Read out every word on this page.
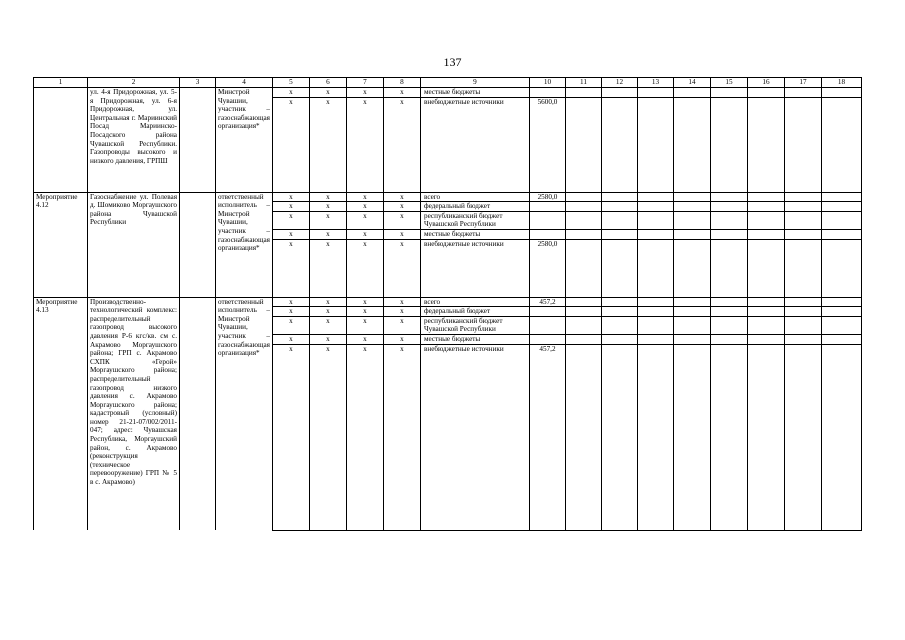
137
1	2	3	4	5	6	7	8	9	10	11	12	13	14	15	16	17	18
	ул. 4-я Придорожная, ул. 5-я Придорожная, ул. 6-я Придорожная, ул. Центральная г. Мариинский Посад Мариинско-Посадского района Чувашской Республики. Газопроводы высокого и низкого давления, ГРПШ		Минстрой Чувашии, участник – газоснабжающая организация*	х	х	х	х	местные бюджеты									
				х	х	х	х	внебюджетные источники	5600,0								
Мероприятие 4.12	Газоснабжение ул. Полевая д. Шомиково Моргаушского района Чувашской Республики		ответственный исполнитель – Минстрой Чувашии, участник – газоснабжающая организация*	х	х	х	х	всего	2580,0								
				х	х	х	х	федеральный бюджет									
				х	х	х	х	республиканский бюджет Чувашской Республики									
				х	х	х	х	местные бюджеты									
				х	х	х	х	внебюджетные источники	2580,0								
Мероприятие 4.13	Производственно-технологический комплекс: распределительный газопровод высокого давления Р-6 кгс/кв. см с. Акрамово Моргаушского района; ГРП с. Акрамово СХПК «Герой» Моргаушского района; распределительный газопровод низкого давления с. Акрамово Моргаушского района; кадастровый (условный) номер 21-21-07/002/2011-047; адрес: Чувашская Республика, Моргаушский район, с. Акрамово (реконструкция (техническое перевооружение) ГРП № 5 в с. Акрамово)		ответственный исполнитель – Минстрой Чувашии, участник – газоснабжающая организация*	х	х	х	х	всего	457,2								
				х	х	х	х	федеральный бюджет									
				х	х	х	х	республиканский бюджет Чувашской Республики									
				х	х	х	х	местные бюджеты									
				х	х	х	х	внебюджетные источники	457,2								
